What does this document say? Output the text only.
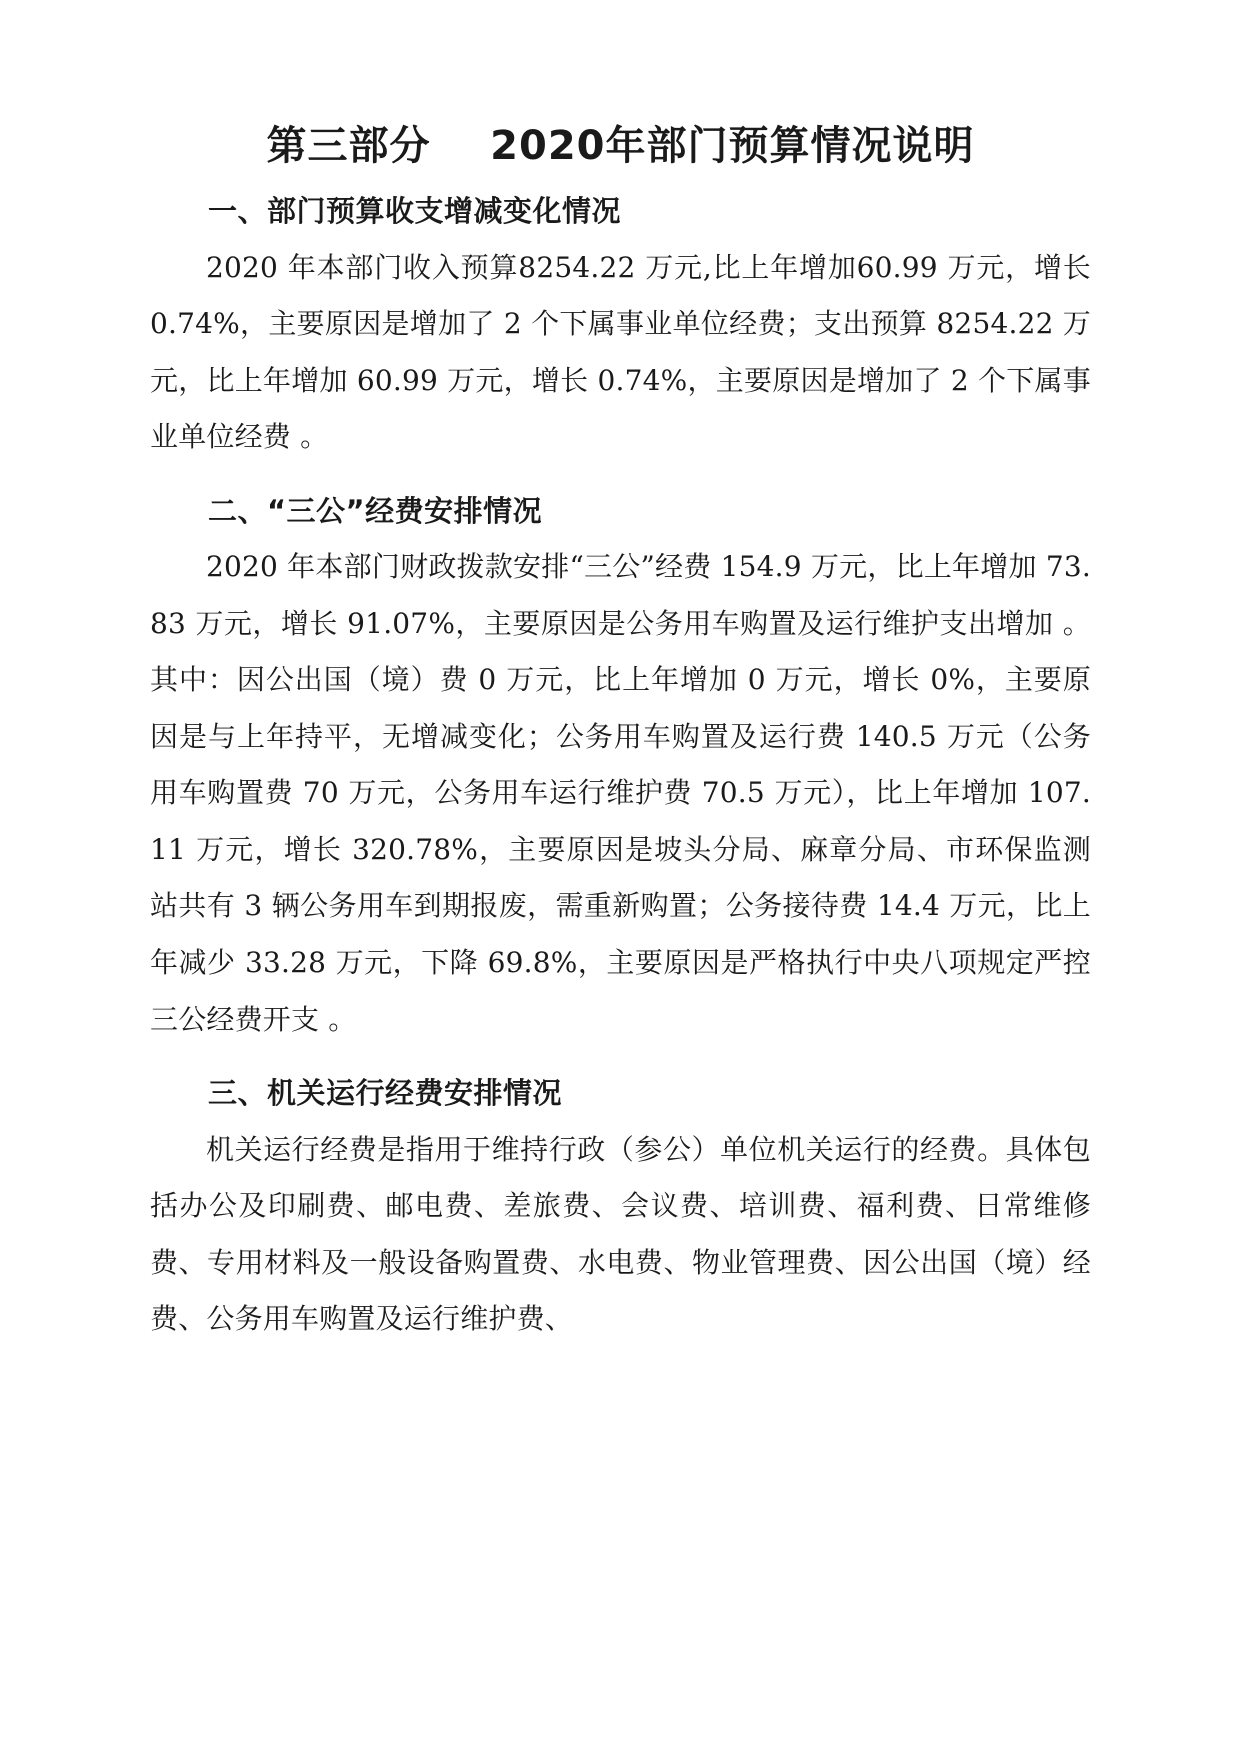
第三部分    2020年部门预算情况说明
一、部门预算收支增减变化情况

2020 年本部门收入预算8254.22 万元,比上年增加60.99 万元，增长 0.74%，主要原因是增加了 2 个下属事业单位经费；支出预算 8254.22 万元，比上年增加 60.99 万元，增长 0.74%，主要原因是增加了 2 个下属事业单位经费 。

二、“三公”经费安排情况

2020 年本部门财政拨款安排“三公”经费 154.9 万元，比上年增加 73.83 万元，增长 91.07%，主要原因是公务用车购置及运行维护支出增加 。其中：因公出国（境）费 0 万元，比上年增加 0 万元，增长 0%，主要原因是与上年持平，无增减变化；公务用车购置及运行费 140.5 万元（公务用车购置费 70 万元，公务用车运行维护费 70.5 万元），比上年增加 107.11 万元，增长 320.78%，主要原因是坡头分局、麻章分局、市环保监测站共有 3 辆公务用车到期报废，需重新购置；公务接待费 14.4 万元，比上年减少 33.28 万元，下降 69.8%，主要原因是严格执行中央八项规定严控三公经费开支 。

三、机关运行经费安排情况

机关运行经费是指用于维持行政（参公）单位机关运行的经费。具体包括办公及印刷费、邮电费、差旅费、会议费、培训费、福利费、日常维修费、专用材料及一般设备购置费、水电费、物业管理费、因公出国（境）经费、公务用车购置及运行维护费、
